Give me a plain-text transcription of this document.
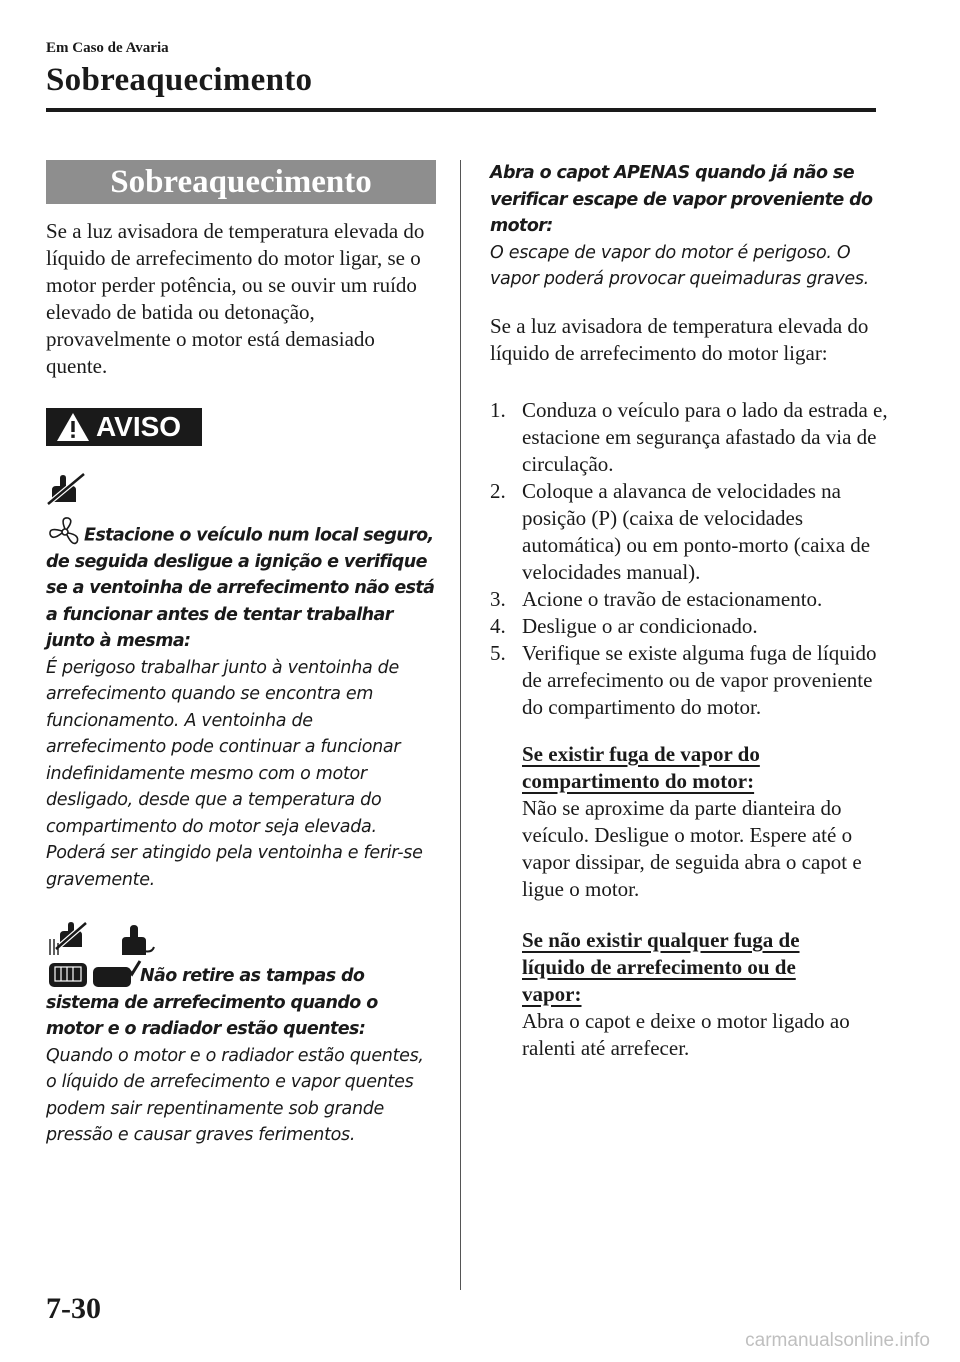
Em Caso de Avaria
Sobreaquecimento
Sobreaquecimento

Se a luz avisadora de temperatura elevada do líquido de arrefecimento do motor ligar, se o motor perder potência, ou se ouvir um ruído elevado de batida ou detonação, provavelmente o motor está demasiado quente.

AVISO
Estacione o veículo num local seguro, de seguida desligue a ignição e verifique se a ventoinha de arrefecimento não está a funcionar antes de tentar trabalhar junto à mesma:
É perigoso trabalhar junto à ventoinha de arrefecimento quando se encontra em funcionamento. A ventoinha de arrefecimento pode continuar a funcionar indefinidamente mesmo com o motor desligado, desde que a temperatura do compartimento do motor seja elevada. Poderá ser atingido pela ventoinha e ferir-se gravemente.
Não retire as tampas do sistema de arrefecimento quando o motor e o radiador estão quentes:
Quando o motor e o radiador estão quentes, o líquido de arrefecimento e vapor quentes podem sair repentinamente sob grande pressão e causar graves ferimentos.
Abra o capot APENAS quando já não se verificar escape de vapor proveniente do motor:
O escape de vapor do motor é perigoso. O vapor poderá provocar queimaduras graves.

Se a luz avisadora de temperatura elevada do líquido de arrefecimento do motor ligar:

1. Conduza o veículo para o lado da estrada e, estacione em segurança afastado da via de circulação.
2. Coloque a alavanca de velocidades na posição (P) (caixa de velocidades automática) ou em ponto-morto (caixa de velocidades manual).
3. Acione o travão de estacionamento.
4. Desligue o ar condicionado.
5. Verifique se existe alguma fuga de líquido de arrefecimento ou de vapor proveniente do compartimento do motor.
Se existir fuga de vapor do
compartimento do motor:

Não se aproxime da parte dianteira do veículo. Desligue o motor. Espere até o vapor dissipar, de seguida abra o capot e ligue o motor.

Se não existir qualquer fuga de
líquido de arrefecimento ou de
vapor:

Abra o capot e deixe o motor ligado ao ralenti até arrefecer.

7-30
carmanualsonline.info
